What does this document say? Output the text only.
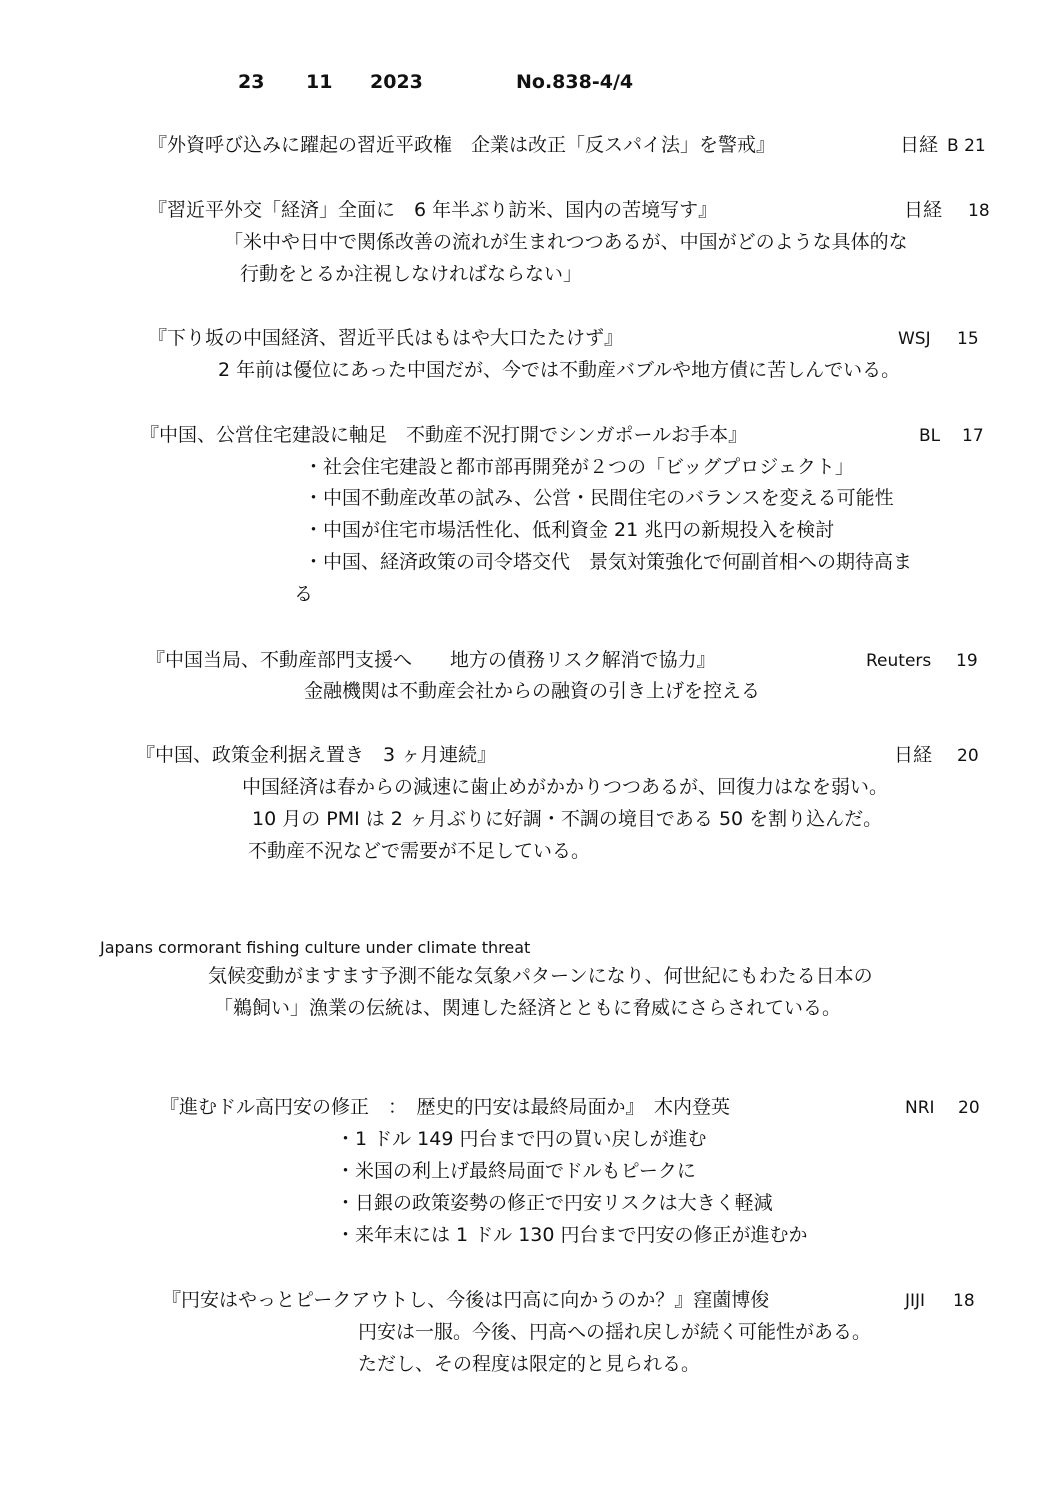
23 11 2023	No.838-4/4
『外資呼び込みに躍起の習近平政権　企業は改正「反スパイ法」を警戒』	日経 B 21
『習近平外交「経済」全面に　6 年半ぶり訪米、国内の苦境写す』	日経 18
「米中や日中で関係改善の流れが生まれつつあるが、中国がどのような具体的な
行動をとるか注視しなければならない」
『下り坂の中国経済、習近平氏はもはや大口たたけず』	WSJ 15
2 年前は優位にあった中国だが、今では不動産バブルや地方債に苦しんでいる。
『中国、公営住宅建設に軸足　不動産不況打開でシンガポールお手本』	BL 17
・社会住宅建設と都市部再開発が２つの「ビッグプロジェクト」
・中国不動産改革の試み、公営・民間住宅のバランスを変える可能性
・中国が住宅市場活性化、低利資金 21 兆円の新規投入を検討
・中国、経済政策の司令塔交代　景気対策強化で何副首相への期待高ま
る
『中国当局、不動産部門支援へ　　地方の債務リスク解消で協力』	Reuters 19
金融機関は不動産会社からの融資の引き上げを控える
『中国、政策金利据え置き　3 ヶ月連続』	日経 20
中国経済は春からの減速に歯止めがかかりつつあるが、回復力はなを弱い。
10 月の PMI は 2 ヶ月ぶりに好調・不調の境目である 50 を割り込んだ。
不動産不況などで需要が不足している。
Japans cormorant fishing culture under climate threat
気候変動がますます予測不能な気象パターンになり、何世紀にもわたる日本の
「鵜飼い」漁業の伝統は、関連した経済とともに脅威にさらされている。
『進むドル高円安の修正　：　歴史的円安は最終局面か』　木内登英	NRI 20
・1 ドル 149 円台まで円の買い戻しが進む
・米国の利上げ最終局面でドルもピークに
・日銀の政策姿勢の修正で円安リスクは大きく軽減
・来年末には 1 ドル 130 円台まで円安の修正が進むか
『円安はやっとピークアウトし、今後は円高に向かうのか？』窪薗博俊	JIJI 18
円安は一服。今後、円高への揺れ戻しが続く可能性がある。
ただし、その程度は限定的と見られる。
